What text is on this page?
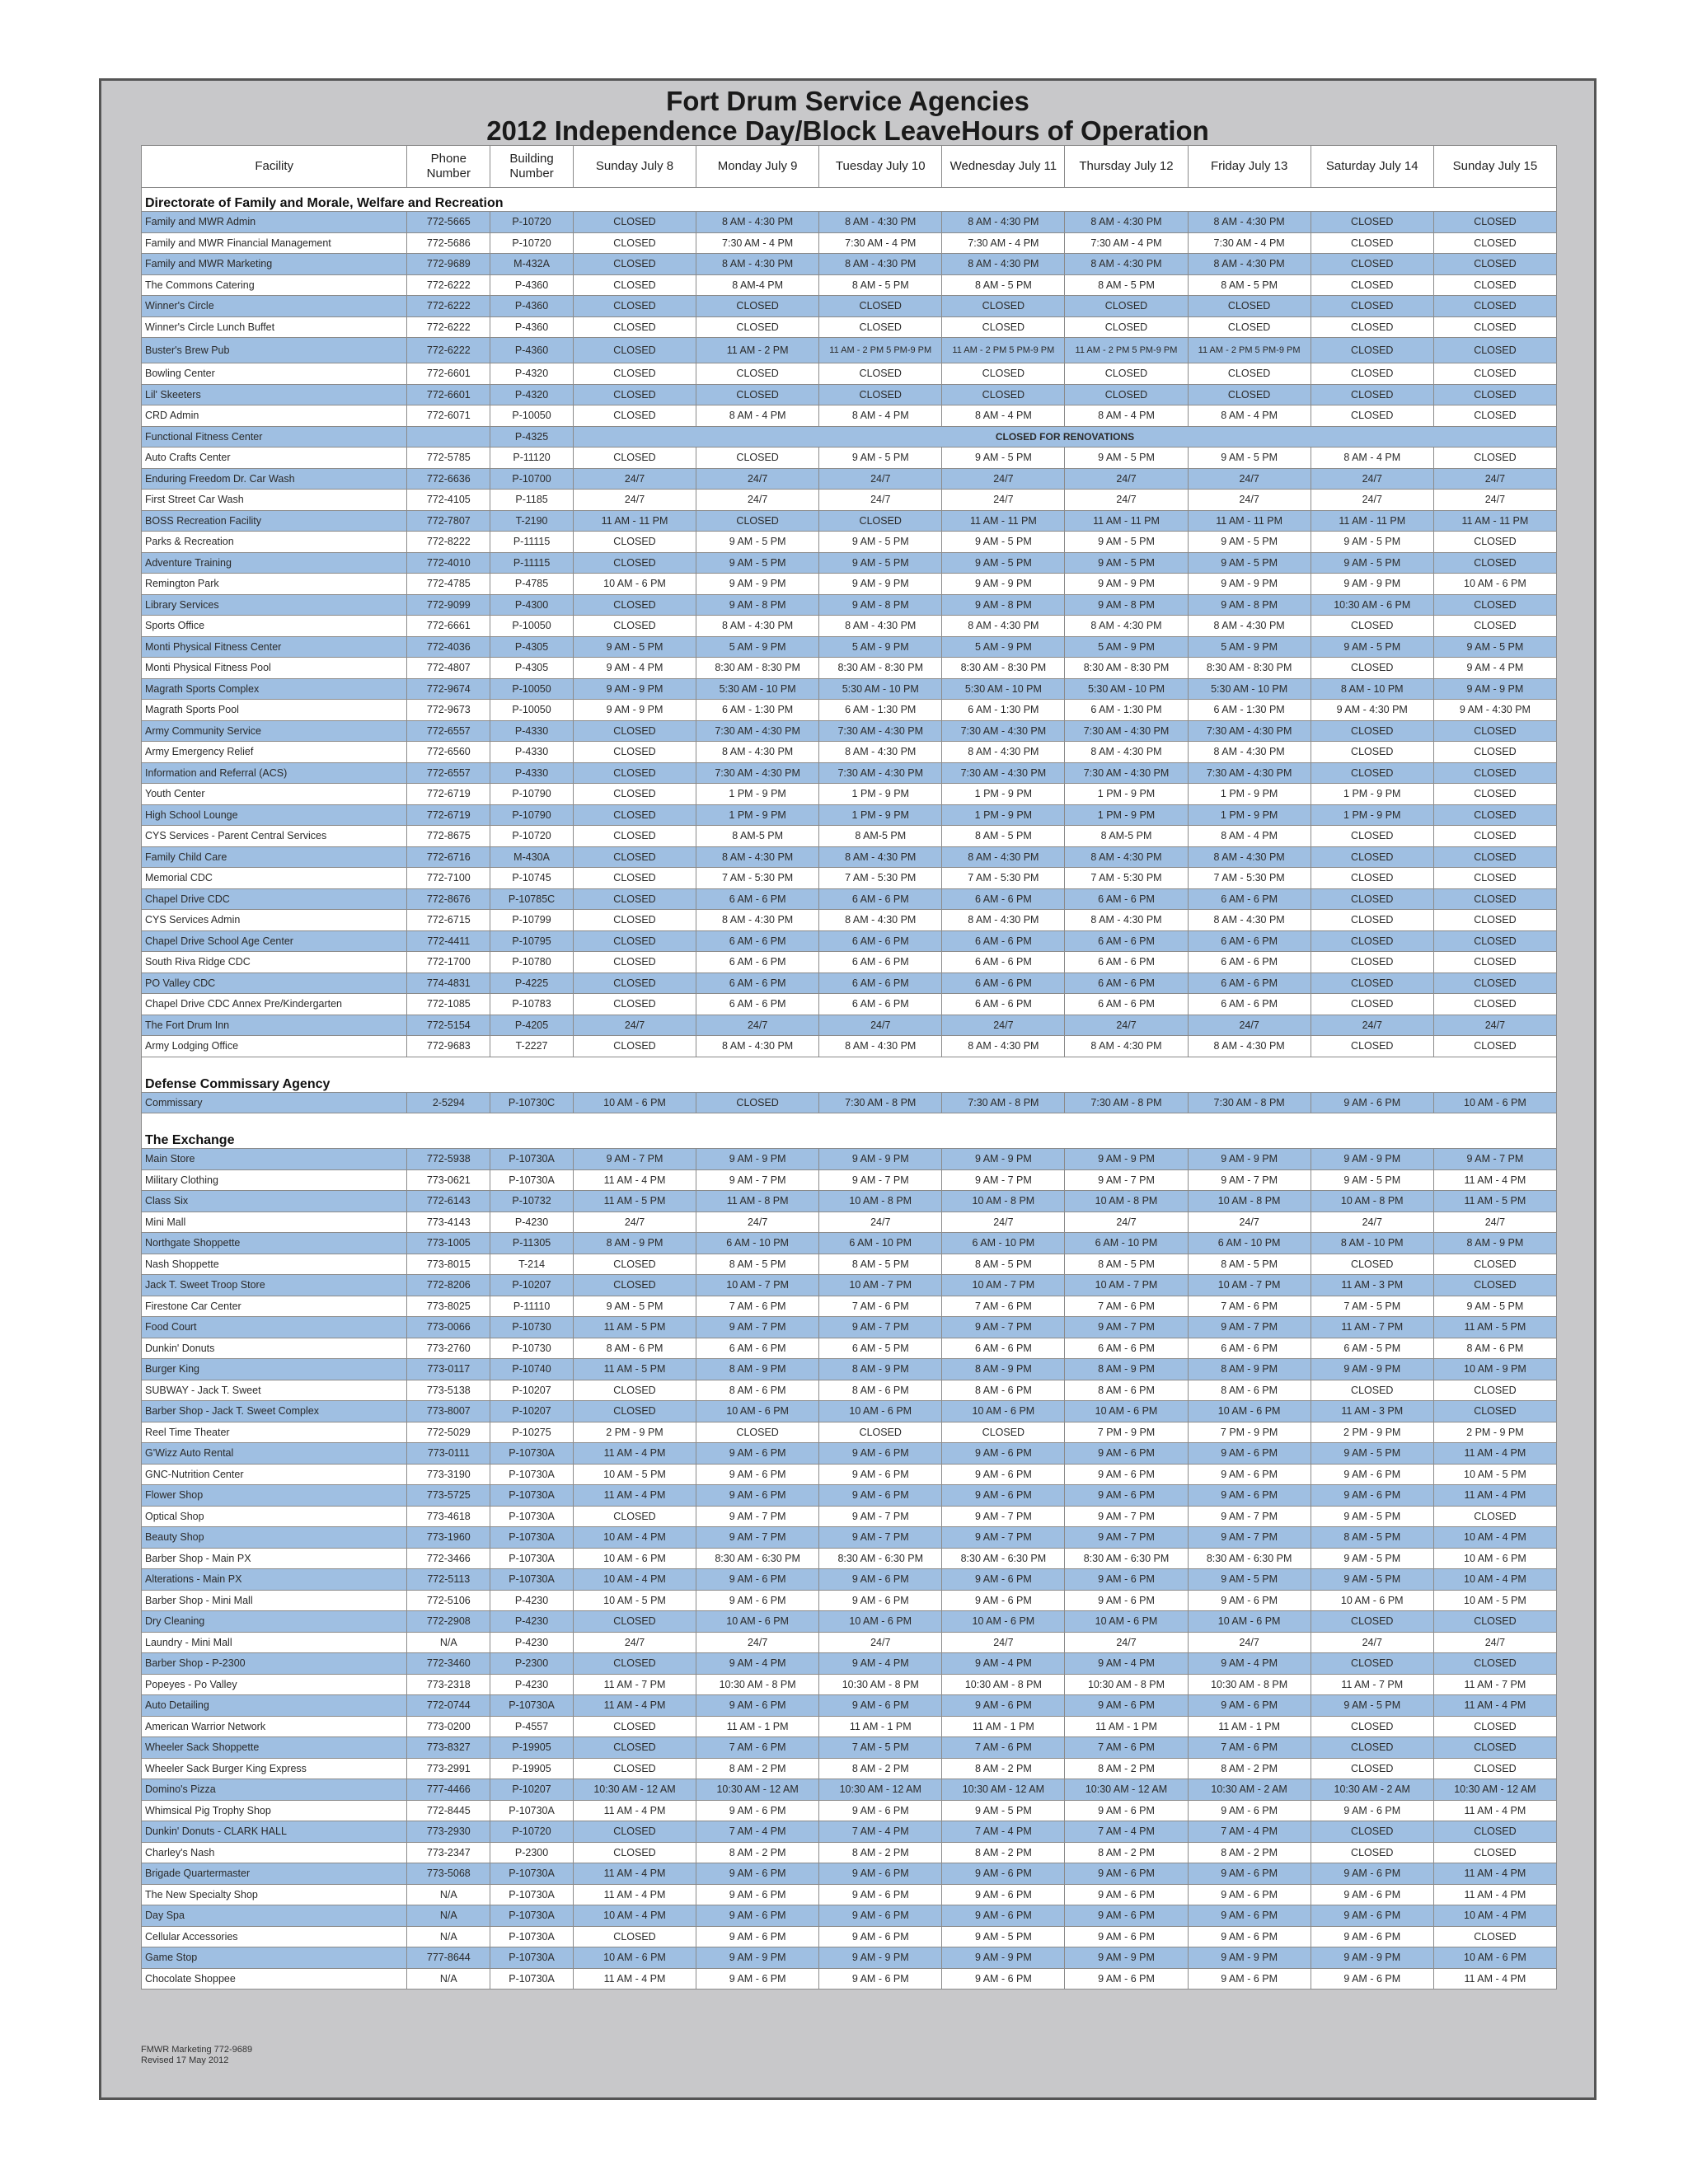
Fort Drum Service Agencies
2012 Independence Day/Block LeaveHours of Operation
Facility	Phone Number	Building Number	Sunday July 8	Monday July 9	Tuesday July 10	Wednesday July 11	Thursday July 12	Friday July 13	Saturday July 14	Sunday July 15
Directorate of Family and Morale, Welfare and Recreation										
Family and MWR Admin	772-5665	P-10720	CLOSED	8 AM - 4:30 PM	8 AM - 4:30 PM	8 AM - 4:30 PM	8 AM - 4:30 PM	8 AM - 4:30 PM	CLOSED	CLOSED
Family and MWR Financial Management	772-5686	P-10720	CLOSED	7:30 AM - 4 PM	7:30 AM - 4 PM	7:30 AM - 4 PM	7:30 AM - 4 PM	7:30 AM - 4 PM	CLOSED	CLOSED
Family and MWR Marketing	772-9689	M-432A	CLOSED	8 AM - 4:30 PM	8 AM - 4:30 PM	8 AM - 4:30 PM	8 AM - 4:30 PM	8 AM - 4:30 PM	CLOSED	CLOSED
The Commons Catering	772-6222	P-4360	CLOSED	8 AM-4 PM	8 AM - 5 PM	8 AM - 5 PM	8 AM - 5 PM	8 AM - 5 PM	CLOSED	CLOSED
Winner's Circle	772-6222	P-4360	CLOSED	CLOSED	CLOSED	CLOSED	CLOSED	CLOSED	CLOSED	CLOSED
Winner's Circle Lunch Buffet	772-6222	P-4360	CLOSED	CLOSED	CLOSED	CLOSED	CLOSED	CLOSED	CLOSED	CLOSED
Buster's Brew Pub	772-6222	P-4360	CLOSED	11 AM - 2 PM	11 AM - 2 PM 5 PM-9 PM	11 AM - 2 PM 5 PM-9 PM	11 AM - 2 PM 5 PM-9 PM	11 AM - 2 PM 5 PM-9 PM	CLOSED	CLOSED
Bowling Center	772-6601	P-4320	CLOSED	CLOSED	CLOSED	CLOSED	CLOSED	CLOSED	CLOSED	CLOSED
Lil' Skeeters	772-6601	P-4320	CLOSED	CLOSED	CLOSED	CLOSED	CLOSED	CLOSED	CLOSED	CLOSED
CRD Admin	772-6071	P-10050	CLOSED	8 AM - 4 PM	8 AM - 4 PM	8 AM - 4 PM	8 AM - 4 PM	8 AM - 4 PM	CLOSED	CLOSED
Functional Fitness Center		P-4325	CLOSED FOR RENOVATIONS							
Auto Crafts Center	772-5785	P-11120	CLOSED	CLOSED	9 AM - 5 PM	9 AM - 5 PM	9 AM - 5 PM	9 AM - 5 PM	8 AM - 4 PM	CLOSED
Enduring Freedom Dr. Car Wash	772-6636	P-10700	24/7	24/7	24/7	24/7	24/7	24/7	24/7	24/7
First Street Car Wash	772-4105	P-1185	24/7	24/7	24/7	24/7	24/7	24/7	24/7	24/7
BOSS Recreation Facility	772-7807	T-2190	11 AM - 11 PM	CLOSED	CLOSED	11 AM - 11 PM	11 AM - 11 PM	11 AM - 11 PM	11 AM - 11 PM	11 AM - 11 PM
Parks & Recreation	772-8222	P-11115	CLOSED	9 AM - 5 PM	9 AM - 5 PM	9 AM - 5 PM	9 AM - 5 PM	9 AM - 5 PM	9 AM - 5 PM	CLOSED
Adventure Training	772-4010	P-11115	CLOSED	9 AM - 5 PM	9 AM - 5 PM	9 AM - 5 PM	9 AM - 5 PM	9 AM - 5 PM	9 AM - 5 PM	CLOSED
Remington Park	772-4785	P-4785	10 AM - 6 PM	9 AM - 9 PM	9 AM - 9 PM	9 AM - 9 PM	9 AM - 9 PM	9 AM - 9 PM	9 AM - 9 PM	10 AM - 6 PM
Library Services	772-9099	P-4300	CLOSED	9 AM - 8 PM	9 AM - 8 PM	9 AM - 8 PM	9 AM - 8 PM	9 AM - 8 PM	10:30 AM - 6 PM	CLOSED
Sports Office	772-6661	P-10050	CLOSED	8 AM - 4:30 PM	8 AM - 4:30 PM	8 AM - 4:30 PM	8 AM - 4:30 PM	8 AM - 4:30 PM	CLOSED	CLOSED
Monti Physical Fitness Center	772-4036	P-4305	9 AM - 5 PM	5 AM - 9 PM	5 AM - 9 PM	5 AM - 9 PM	5 AM - 9 PM	5 AM - 9 PM	9 AM - 5 PM	9 AM - 5 PM
Monti Physical Fitness Pool	772-4807	P-4305	9 AM - 4 PM	8:30 AM - 8:30 PM	8:30 AM - 8:30 PM	8:30 AM - 8:30 PM	8:30 AM - 8:30 PM	8:30 AM - 8:30 PM	CLOSED	9 AM - 4 PM
Magrath Sports Complex	772-9674	P-10050	9 AM - 9 PM	5:30 AM - 10 PM	5:30 AM - 10 PM	5:30 AM - 10 PM	5:30 AM - 10 PM	5:30 AM - 10 PM	8 AM - 10 PM	9 AM - 9 PM
Magrath Sports Pool	772-9673	P-10050	9 AM - 9 PM	6 AM - 1:30 PM	6 AM - 1:30 PM	6 AM - 1:30 PM	6 AM - 1:30 PM	6 AM - 1:30 PM	9 AM - 4:30 PM	9 AM - 4:30 PM
Army Community Service	772-6557	P-4330	CLOSED	7:30 AM - 4:30 PM	7:30 AM - 4:30 PM	7:30 AM - 4:30 PM	7:30 AM - 4:30 PM	7:30 AM - 4:30 PM	CLOSED	CLOSED
Army Emergency Relief	772-6560	P-4330	CLOSED	8 AM - 4:30 PM	8 AM - 4:30 PM	8 AM - 4:30 PM	8 AM - 4:30 PM	8 AM - 4:30 PM	CLOSED	CLOSED
Information and Referral (ACS)	772-6557	P-4330	CLOSED	7:30 AM - 4:30 PM	7:30 AM - 4:30 PM	7:30 AM - 4:30 PM	7:30 AM - 4:30 PM	7:30 AM - 4:30 PM	CLOSED	CLOSED
Youth Center	772-6719	P-10790	CLOSED	1 PM - 9 PM	1 PM - 9 PM	1 PM - 9 PM	1 PM - 9 PM	1 PM - 9 PM	1 PM - 9 PM	CLOSED
High School Lounge	772-6719	P-10790	CLOSED	1 PM - 9 PM	1 PM - 9 PM	1 PM - 9 PM	1 PM - 9 PM	1 PM - 9 PM	1 PM - 9 PM	CLOSED
CYS Services - Parent Central Services	772-8675	P-10720	CLOSED	8 AM-5 PM	8 AM-5 PM	8 AM - 5 PM	8 AM-5 PM	8 AM - 4 PM	CLOSED	CLOSED
Family Child Care	772-6716	M-430A	CLOSED	8 AM - 4:30 PM	8 AM - 4:30 PM	8 AM - 4:30 PM	8 AM - 4:30 PM	8 AM - 4:30 PM	CLOSED	CLOSED
Memorial CDC	772-7100	P-10745	CLOSED	7 AM - 5:30 PM	7 AM - 5:30 PM	7 AM - 5:30 PM	7 AM - 5:30 PM	7 AM - 5:30 PM	CLOSED	CLOSED
Chapel Drive CDC	772-8676	P-10785C	CLOSED	6 AM - 6 PM	6 AM - 6 PM	6 AM - 6 PM	6 AM - 6 PM	6 AM - 6 PM	CLOSED	CLOSED
CYS Services Admin	772-6715	P-10799	CLOSED	8 AM - 4:30 PM	8 AM - 4:30 PM	8 AM - 4:30 PM	8 AM - 4:30 PM	8 AM - 4:30 PM	CLOSED	CLOSED
Chapel Drive School Age Center	772-4411	P-10795	CLOSED	6 AM - 6 PM	6 AM - 6 PM	6 AM - 6 PM	6 AM - 6 PM	6 AM - 6 PM	CLOSED	CLOSED
South Riva Ridge CDC	772-1700	P-10780	CLOSED	6 AM - 6 PM	6 AM - 6 PM	6 AM - 6 PM	6 AM - 6 PM	6 AM - 6 PM	CLOSED	CLOSED
PO Valley CDC	774-4831	P-4225	CLOSED	6 AM - 6 PM	6 AM - 6 PM	6 AM - 6 PM	6 AM - 6 PM	6 AM - 6 PM	CLOSED	CLOSED
Chapel Drive CDC Annex Pre/Kindergarten	772-1085	P-10783	CLOSED	6 AM - 6 PM	6 AM - 6 PM	6 AM - 6 PM	6 AM - 6 PM	6 AM - 6 PM	CLOSED	CLOSED
The Fort Drum Inn	772-5154	P-4205	24/7	24/7	24/7	24/7	24/7	24/7	24/7	24/7
Army Lodging Office	772-9683	T-2227	CLOSED	8 AM - 4:30 PM	8 AM - 4:30 PM	8 AM - 4:30 PM	8 AM - 4:30 PM	8 AM - 4:30 PM	CLOSED	CLOSED

Defense Commissary Agency										
Commissary	2-5294	P-10730C	10 AM - 6 PM	CLOSED	7:30 AM - 8 PM	7:30 AM - 8 PM	7:30 AM - 8 PM	7:30 AM - 8 PM	9 AM - 6 PM	10 AM - 6 PM

The Exchange										
Main Store	772-5938	P-10730A	9 AM - 7 PM	9 AM - 9 PM	9 AM - 9 PM	9 AM - 9 PM	9 AM - 9 PM	9 AM - 9 PM	9 AM - 9 PM	9 AM - 7 PM
Military Clothing	773-0621	P-10730A	11 AM - 4 PM	9 AM - 7 PM	9 AM - 7 PM	9 AM - 7 PM	9 AM - 7 PM	9 AM - 7 PM	9 AM - 5 PM	11 AM - 4 PM
Class Six	772-6143	P-10732	11 AM - 5 PM	11 AM - 8 PM	10 AM - 8 PM	10 AM - 8 PM	10 AM - 8 PM	10 AM - 8 PM	10 AM - 8 PM	11 AM - 5 PM
Mini Mall	773-4143	P-4230	24/7	24/7	24/7	24/7	24/7	24/7	24/7	24/7
Northgate Shoppette	773-1005	P-11305	8 AM - 9 PM	6 AM - 10 PM	6 AM - 10 PM	6 AM - 10 PM	6 AM - 10 PM	6 AM - 10 PM	8 AM - 10 PM	8 AM - 9 PM
Nash Shoppette	773-8015	T-214	CLOSED	8 AM - 5 PM	8 AM - 5 PM	8 AM - 5 PM	8 AM - 5 PM	8 AM - 5 PM	CLOSED	CLOSED
Jack T. Sweet Troop Store	772-8206	P-10207	CLOSED	10 AM - 7 PM	10 AM - 7 PM	10 AM - 7 PM	10 AM - 7 PM	10 AM - 7 PM	11 AM - 3 PM	CLOSED
Firestone Car Center	773-8025	P-11110	9 AM - 5 PM	7 AM - 6 PM	7 AM - 6 PM	7 AM - 6 PM	7 AM - 6 PM	7 AM - 6 PM	7 AM - 5 PM	9 AM - 5 PM
Food Court	773-0066	P-10730	11 AM - 5 PM	9 AM - 7 PM	9 AM - 7 PM	9 AM - 7 PM	9 AM - 7 PM	9 AM - 7 PM	11 AM - 7 PM	11 AM - 5 PM
Dunkin' Donuts	773-2760	P-10730	8 AM - 6 PM	6 AM - 6 PM	6 AM - 5 PM	6 AM - 6 PM	6 AM - 6 PM	6 AM - 6 PM	6 AM - 5 PM	8 AM - 6 PM
Burger King	773-0117	P-10740	11 AM - 5 PM	8 AM - 9 PM	8 AM - 9 PM	8 AM - 9 PM	8 AM - 9 PM	8 AM - 9 PM	9 AM - 9 PM	10 AM - 9 PM
SUBWAY - Jack T. Sweet	773-5138	P-10207	CLOSED	8 AM - 6 PM	8 AM - 6 PM	8 AM - 6 PM	8 AM - 6 PM	8 AM - 6 PM	CLOSED	CLOSED
Barber Shop - Jack T. Sweet Complex	773-8007	P-10207	CLOSED	10 AM - 6 PM	10 AM - 6 PM	10 AM - 6 PM	10 AM - 6 PM	10 AM - 6 PM	11 AM - 3 PM	CLOSED
Reel Time Theater	772-5029	P-10275	2 PM - 9 PM	CLOSED	CLOSED	CLOSED	7 PM - 9 PM	7 PM - 9 PM	2 PM - 9 PM	2 PM - 9 PM
G'Wizz Auto Rental	773-0111	P-10730A	11 AM - 4 PM	9 AM - 6 PM	9 AM - 6 PM	9 AM - 6 PM	9 AM - 6 PM	9 AM - 6 PM	9 AM - 5 PM	11 AM - 4 PM
GNC-Nutrition Center	773-3190	P-10730A	10 AM - 5 PM	9 AM - 6 PM	9 AM - 6 PM	9 AM - 6 PM	9 AM - 6 PM	9 AM - 6 PM	9 AM - 6 PM	10 AM - 5 PM
Flower Shop	773-5725	P-10730A	11 AM - 4 PM	9 AM - 6 PM	9 AM - 6 PM	9 AM - 6 PM	9 AM - 6 PM	9 AM - 6 PM	9 AM - 6 PM	11 AM - 4 PM
Optical Shop	773-4618	P-10730A	CLOSED	9 AM - 7 PM	9 AM - 7 PM	9 AM - 7 PM	9 AM - 7 PM	9 AM - 7 PM	9 AM - 5 PM	CLOSED
Beauty Shop	773-1960	P-10730A	10 AM - 4 PM	9 AM - 7 PM	9 AM - 7 PM	9 AM - 7 PM	9 AM - 7 PM	9 AM - 7 PM	8 AM - 5 PM	10 AM - 4 PM
Barber Shop - Main PX	772-3466	P-10730A	10 AM - 6 PM	8:30 AM - 6:30 PM	8:30 AM - 6:30 PM	8:30 AM - 6:30 PM	8:30 AM - 6:30 PM	8:30 AM - 6:30 PM	9 AM - 5 PM	10 AM - 6 PM
Alterations - Main PX	772-5113	P-10730A	10 AM - 4 PM	9 AM - 6 PM	9 AM - 6 PM	9 AM - 6 PM	9 AM - 6 PM	9 AM - 5 PM	9 AM - 5 PM	10 AM - 4 PM
Barber Shop - Mini Mall	772-5106	P-4230	10 AM - 5 PM	9 AM - 6 PM	9 AM - 6 PM	9 AM - 6 PM	9 AM - 6 PM	9 AM - 6 PM	10 AM - 6 PM	10 AM - 5 PM
Dry Cleaning	772-2908	P-4230	CLOSED	10 AM - 6 PM	10 AM - 6 PM	10 AM - 6 PM	10 AM - 6 PM	10 AM - 6 PM	CLOSED	CLOSED
Laundry - Mini Mall	N/A	P-4230	24/7	24/7	24/7	24/7	24/7	24/7	24/7	24/7
Barber Shop - P-2300	772-3460	P-2300	CLOSED	9 AM - 4 PM	9 AM - 4 PM	9 AM - 4 PM	9 AM - 4 PM	9 AM - 4 PM	CLOSED	CLOSED
Popeyes - Po Valley	773-2318	P-4230	11 AM - 7 PM	10:30 AM - 8 PM	10:30 AM - 8 PM	10:30 AM - 8 PM	10:30 AM - 8 PM	10:30 AM - 8 PM	11 AM - 7 PM	11 AM - 7 PM
Auto Detailing	772-0744	P-10730A	11 AM - 4 PM	9 AM - 6 PM	9 AM - 6 PM	9 AM - 6 PM	9 AM - 6 PM	9 AM - 6 PM	9 AM - 5 PM	11 AM - 4 PM
American Warrior Network	773-0200	P-4557	CLOSED	11 AM - 1 PM	11 AM - 1 PM	11 AM - 1 PM	11 AM - 1 PM	11 AM - 1 PM	CLOSED	CLOSED
Wheeler Sack Shoppette	773-8327	P-19905	CLOSED	7 AM - 6 PM	7 AM - 5 PM	7 AM - 6 PM	7 AM - 6 PM	7 AM - 6 PM	CLOSED	CLOSED
Wheeler Sack Burger King Express	773-2991	P-19905	CLOSED	8 AM - 2 PM	8 AM - 2 PM	8 AM - 2 PM	8 AM - 2 PM	8 AM - 2 PM	CLOSED	CLOSED
Domino's Pizza	777-4466	P-10207	10:30 AM - 12 AM	10:30 AM - 12 AM	10:30 AM - 12 AM	10:30 AM - 12 AM	10:30 AM - 12 AM	10:30 AM - 2 AM	10:30 AM - 2 AM	10:30 AM - 12 AM
Whimsical Pig Trophy Shop	772-8445	P-10730A	11 AM - 4 PM	9 AM - 6 PM	9 AM - 6 PM	9 AM - 5 PM	9 AM - 6 PM	9 AM - 6 PM	9 AM - 6 PM	11 AM - 4 PM
Dunkin' Donuts - CLARK HALL	773-2930	P-10720	CLOSED	7 AM - 4 PM	7 AM - 4 PM	7 AM - 4 PM	7 AM - 4 PM	7 AM - 4 PM	CLOSED	CLOSED
Charley's Nash	773-2347	P-2300	CLOSED	8 AM - 2 PM	8 AM - 2 PM	8 AM - 2 PM	8 AM - 2 PM	8 AM - 2 PM	CLOSED	CLOSED
Brigade Quartermaster	773-5068	P-10730A	11 AM - 4 PM	9 AM - 6 PM	9 AM - 6 PM	9 AM - 6 PM	9 AM - 6 PM	9 AM - 6 PM	9 AM - 6 PM	11 AM - 4 PM
The New Specialty Shop	N/A	P-10730A	11 AM - 4 PM	9 AM - 6 PM	9 AM - 6 PM	9 AM - 6 PM	9 AM - 6 PM	9 AM - 6 PM	9 AM - 6 PM	11 AM - 4 PM
Day Spa	N/A	P-10730A	10 AM - 4 PM	9 AM - 6 PM	9 AM - 6 PM	9 AM - 6 PM	9 AM - 6 PM	9 AM - 6 PM	9 AM - 6 PM	10 AM - 4 PM
Cellular Accessories	N/A	P-10730A	CLOSED	9 AM - 6 PM	9 AM - 6 PM	9 AM - 5 PM	9 AM - 6 PM	9 AM - 6 PM	9 AM - 6 PM	CLOSED
Game Stop	777-8644	P-10730A	10 AM - 6 PM	9 AM - 9 PM	9 AM - 9 PM	9 AM - 9 PM	9 AM - 9 PM	9 AM - 9 PM	9 AM - 9 PM	10 AM - 6 PM
Chocolate Shoppee	N/A	P-10730A	11 AM - 4 PM	9 AM - 6 PM	9 AM - 6 PM	9 AM - 6 PM	9 AM - 6 PM	9 AM - 6 PM	9 AM - 6 PM	11 AM - 4 PM
FMWR Marketing 772-9689
Revised 17 May 2012
